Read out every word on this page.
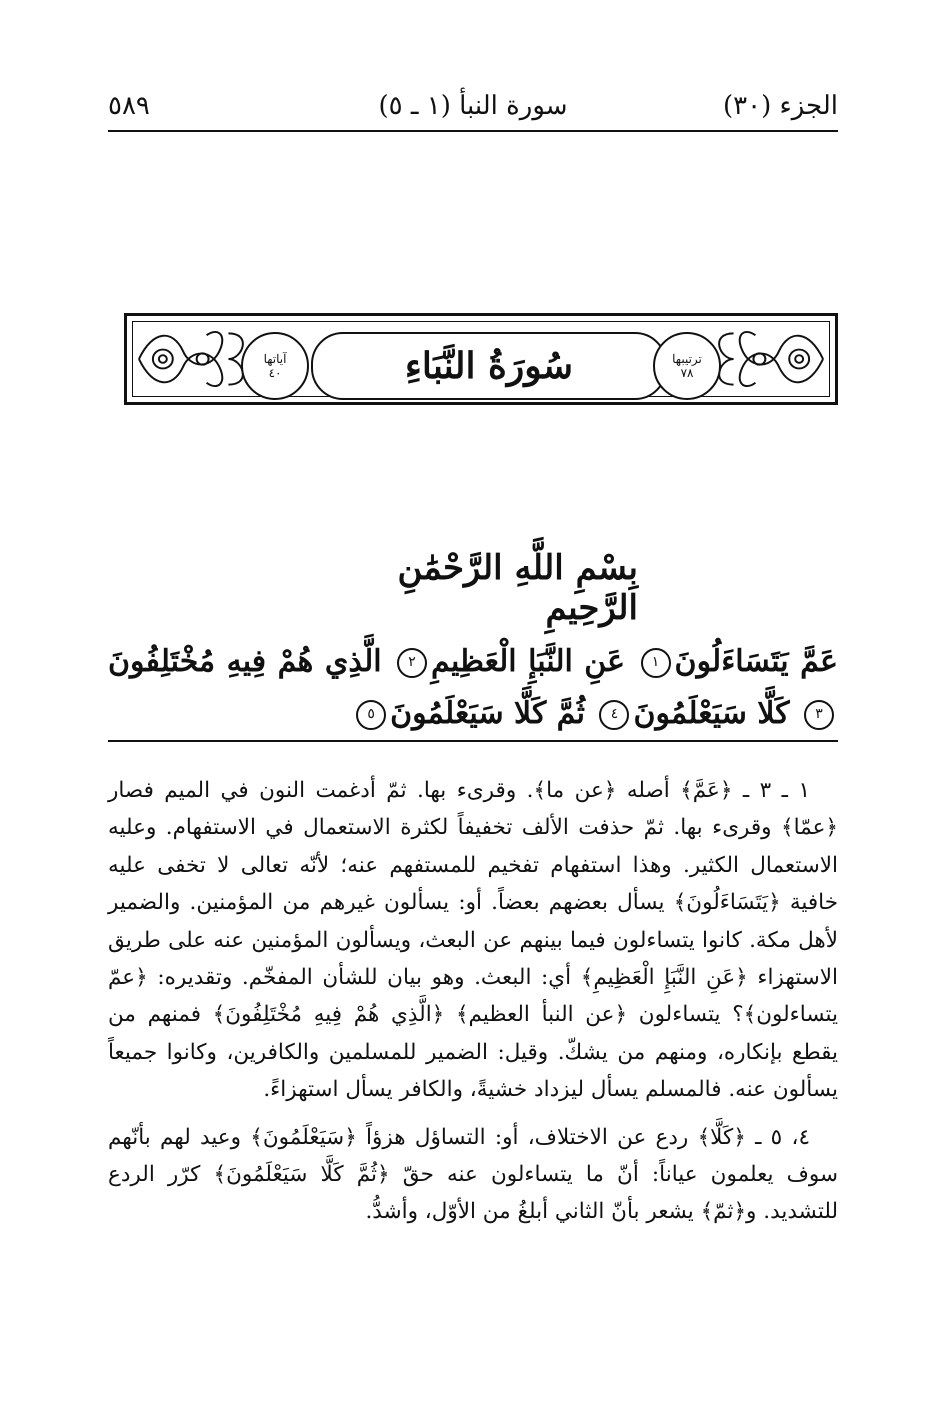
الجزء (٣٠)
سورة النبأ (١ ـ ٥)
٥٨٩
آياتها
٤٠	سُورَةُ النَّبَاءِ	ترتيبها
٧٨
بِسْمِ اللَّهِ الرَّحْمَٰنِ الرَّحِيمِ
عَمَّ يَتَسَاءَلُونَ١ عَنِ النَّبَإِ الْعَظِيمِ٢ الَّذِي هُمْ فِيهِ مُخْتَلِفُونَ٣ كَلَّا سَيَعْلَمُونَ٤ ثُمَّ كَلَّا سَيَعْلَمُونَ٥

١ ـ ٣ ـ ﴿عَمَّ﴾ أصله ﴿عن ما﴾. وقرىء بها. ثمّ أدغمت النون في الميم فصار ﴿عمّا﴾ وقرىء بها. ثمّ حذفت الألف تخفيفاً لكثرة الاستعمال في الاستفهام. وعليه الاستعمال الكثير. وهذا استفهام تفخيم للمستفهم عنه؛ لأنّه تعالى لا تخفى عليه خافية ﴿يَتَسَاءَلُونَ﴾ يسأل بعضهم بعضاً. أو: يسألون غيرهم من المؤمنين. والضمير لأهل مكة. كانوا يتساءلون فيما بينهم عن البعث، ويسألون المؤمنين عنه على طريق الاستهزاء ﴿عَنِ النَّبَإِ الْعَظِيمِ﴾ أي: البعث. وهو بيان للشأن المفخّم. وتقديره: ﴿عمّ يتساءلون﴾؟ يتساءلون ﴿عن النبأ العظيم﴾ ﴿الَّذِي هُمْ فِيهِ مُخْتَلِفُونَ﴾ فمنهم من يقطع بإنكاره، ومنهم من يشكّ. وقيل: الضمير للمسلمين والكافرين، وكانوا جميعاً يسألون عنه. فالمسلم يسأل ليزداد خشيةً، والكافر يسأل استهزاءً.

٤، ٥ ـ ﴿كَلَّا﴾ ردع عن الاختلاف، أو: التساؤل هزؤاً ﴿سَيَعْلَمُونَ﴾ وعيد لهم بأنّهم سوف يعلمون عياناً: أنّ ما يتساءلون عنه حقّ ﴿ثُمَّ كَلَّا سَيَعْلَمُونَ﴾ كرّر الردع للتشديد. و﴿ثمّ﴾ يشعر بأنّ الثاني أبلغُ من الأوّل، وأشدُّ.
